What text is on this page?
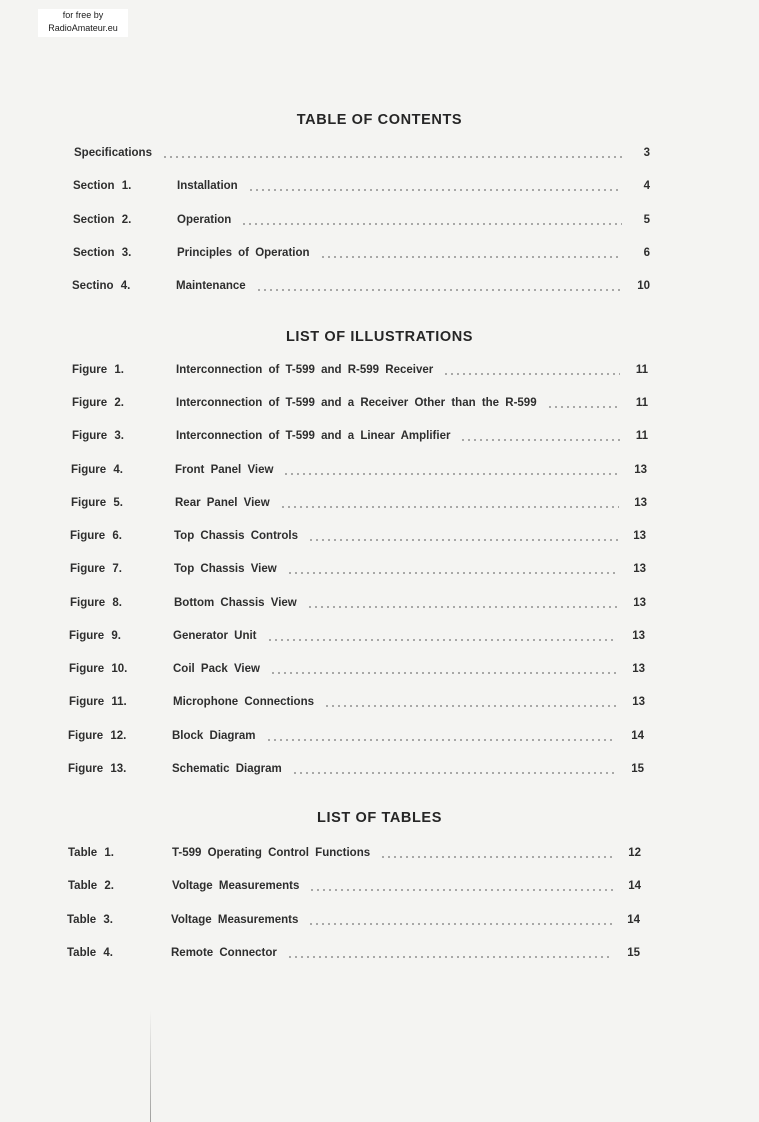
for free by
RadioAmateur.eu
TABLE OF CONTENTS
Specifications	3
Section 1.	Installation	4
Section 2.	Operation	5
Section 3.	Principles of Operation	6
Sectino 4.	Maintenance	10
LIST OF ILLUSTRATIONS
Figure 1.	Interconnection of T-599 and R-599 Receiver	11
Figure 2.	Interconnection of T-599 and a Receiver Other than the R-599	11
Figure 3.	Interconnection of T-599 and a Linear Amplifier	11
Figure 4.	Front Panel View	13
Figure 5.	Rear Panel View	13
Figure 6.	Top Chassis Controls	13
Figure 7.	Top Chassis View	13
Figure 8.	Bottom Chassis View	13
Figure 9.	Generator Unit	13
Figure 10.	Coil Pack View	13
Figure 11.	Microphone Connections	13
Figure 12.	Block Diagram	14
Figure 13.	Schematic Diagram	15
LIST OF TABLES
Table 1.	T-599 Operating Control Functions	12
Table 2.	Voltage Measurements	14
Table 3.	Voltage Measurements	14
Table 4.	Remote Connector	15
